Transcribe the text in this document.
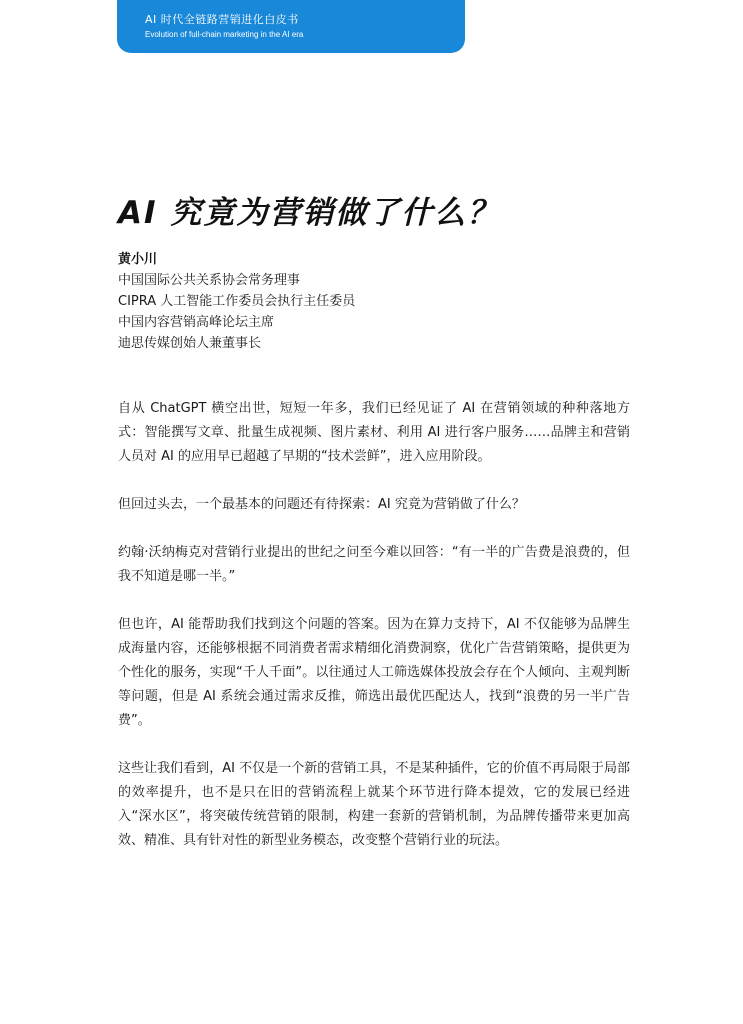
AI 时代全链路营销进化白皮书
Evolution of full-chain marketing in the AI era
AI 究竟为营销做了什么？
黄小川
中国国际公共关系协会常务理事
CIPRA 人工智能工作委员会执行主任委员
中国内容营销高峰论坛主席
迪思传媒创始人兼董事长

自从 ChatGPT 横空出世，短短一年多，我们已经见证了 AI 在营销领域的种种落地方式：智能撰写文章、批量生成视频、图片素材、利用 AI 进行客户服务……品牌主和营销人员对 AI 的应用早已超越了早期的“技术尝鲜”，进入应用阶段。

但回过头去，一个最基本的问题还有待探索：AI 究竟为营销做了什么？

约翰·沃纳梅克对营销行业提出的世纪之问至今难以回答：“有一半的广告费是浪费的，但我不知道是哪一半。”

但也许，AI 能帮助我们找到这个问题的答案。因为在算力支持下，AI 不仅能够为品牌生成海量内容，还能够根据不同消费者需求精细化消费洞察，优化广告营销策略，提供更为个性化的服务，实现“千人千面”。以往通过人工筛选媒体投放会存在个人倾向、主观判断等问题，但是 AI 系统会通过需求反推，筛选出最优匹配达人，找到“浪费的另一半广告费”。

这些让我们看到，AI 不仅是一个新的营销工具，不是某种插件，它的价值不再局限于局部的效率提升，也不是只在旧的营销流程上就某个环节进行降本提效，它的发展已经进入“深水区”，将突破传统营销的限制，构建一套新的营销机制，为品牌传播带来更加高效、精准、具有针对性的新型业务模态，改变整个营销行业的玩法。
